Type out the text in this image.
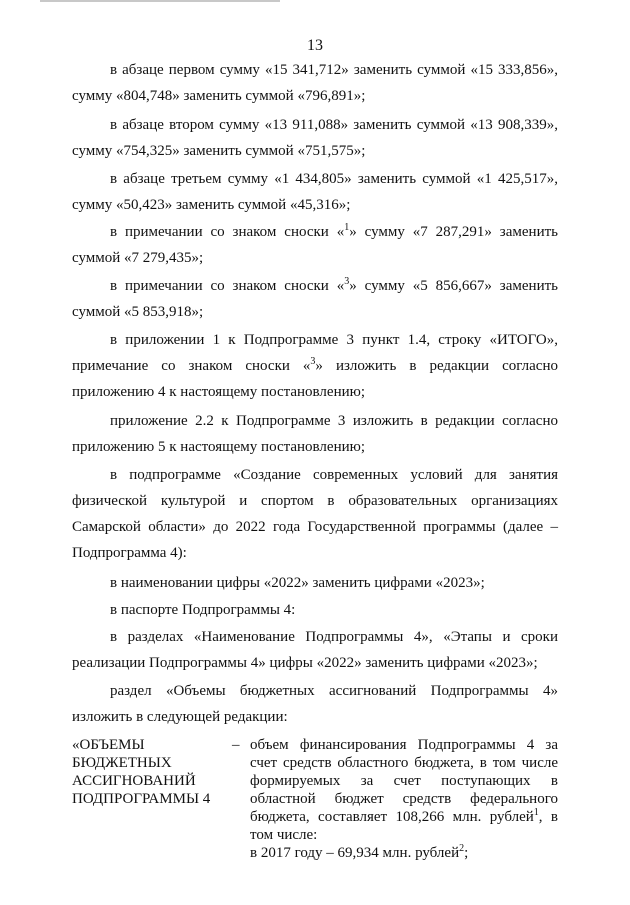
13
в абзаце первом сумму «15 341,712» заменить суммой «15 333,856», сумму «804,748» заменить суммой «796,891»;
в абзаце втором сумму «13 911,088» заменить суммой «13 908,339», сумму «754,325» заменить суммой «751,575»;
в абзаце третьем сумму «1 434,805» заменить суммой «1 425,517», сумму «50,423» заменить суммой «45,316»;
в примечании со знаком сноски «$^1$» сумму «7 287,291» заменить суммой «7 279,435»;
в примечании со знаком сноски «$^3$» сумму «5 856,667» заменить суммой «5 853,918»;
в приложении 1 к Подпрограмме 3 пункт 1.4, строку «ИТОГО», примечание со знаком сноски «$^3$» изложить в редакции согласно приложению 4 к настоящему постановлению;
приложение 2.2 к Подпрограмме 3 изложить в редакции согласно приложению 5 к настоящему постановлению;
в подпрограмме «Создание современных условий для занятия физической культурой и спортом в образовательных организациях Самарской области» до 2022 года Государственной программы (далее – Подпрограмма 4):
в наименовании цифры «2022» заменить цифрами «2023»;
в паспорте Подпрограммы 4:
в разделах «Наименование Подпрограммы 4», «Этапы и сроки реализации Подпрограммы 4» цифры «2022» заменить цифрами «2023»;
раздел «Объемы бюджетных ассигнований Подпрограммы 4» изложить в следующей редакции:
«ОБЪЕМЫ
БЮДЖЕТНЫХ
АССИГНОВАНИЙ
ПОДПРОГРАММЫ 4
– объем финансирования Подпрограммы 4 за счет средств областного бюджета, в том числе формируемых за счет поступающих в областной бюджет средств федерального бюджета, составляет 108,266 млн. рублей$^1$, в том числе:
в 2017 году – 69,934 млн. рублей$^2$;
